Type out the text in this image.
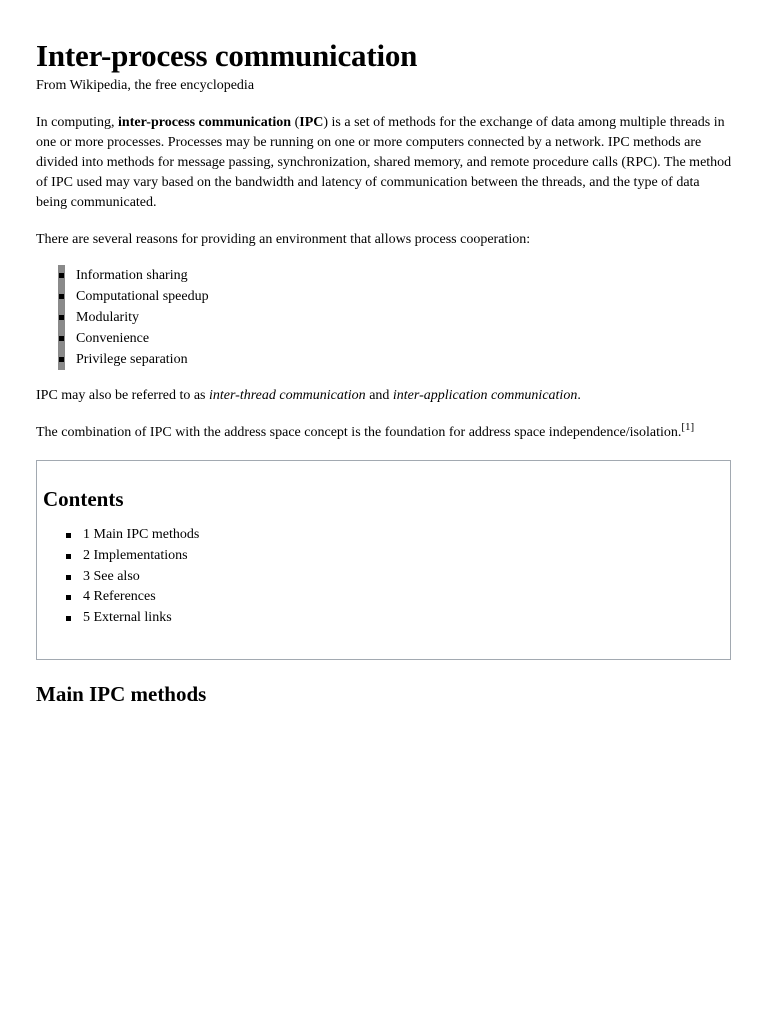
Inter-process communication
From Wikipedia, the free encyclopedia

In computing, inter-process communication (IPC) is a set of methods for the exchange of data among multiple threads in one or more processes. Processes may be running on one or more computers connected by a network. IPC methods are divided into methods for message passing, synchronization, shared memory, and remote procedure calls (RPC). The method of IPC used may vary based on the bandwidth and latency of communication between the threads, and the type of data being communicated.

There are several reasons for providing an environment that allows process cooperation:

Information sharing
Computational speedup
Modularity
Convenience
Privilege separation

IPC may also be referred to as inter-thread communication and inter-application communication.

The combination of IPC with the address space concept is the foundation for address space independence/isolation.[1]

Contents
1 Main IPC methods
2 Implementations
3 See also
4 References
5 External links
Main IPC methods
